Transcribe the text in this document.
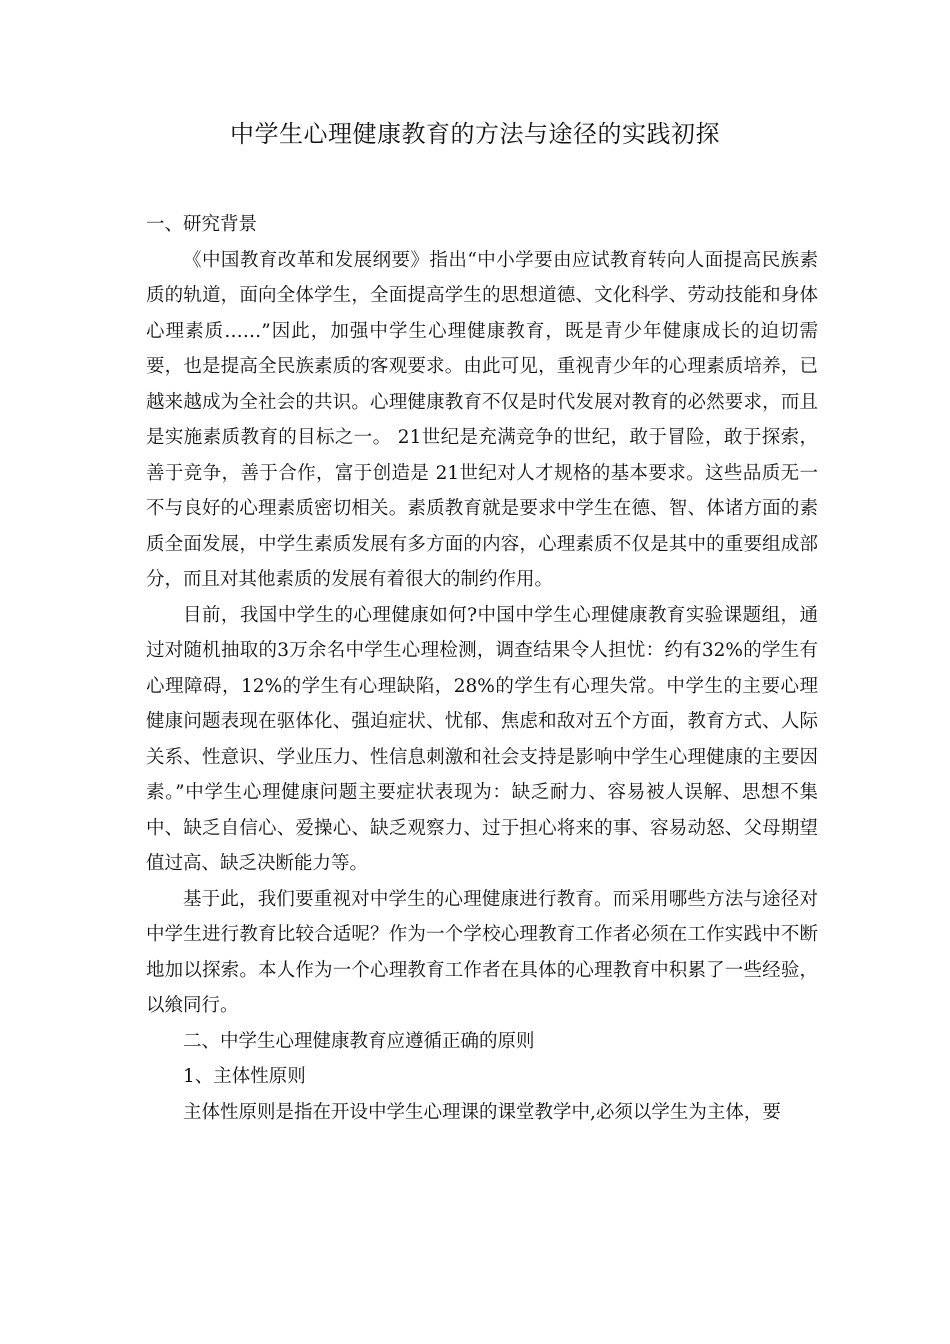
中学生心理健康教育的方法与途径的实践初探

一、研究背景

《中国教育改革和发展纲要》指出“中小学要由应试教育转向人面提高民族素质的轨道，面向全体学生，全面提高学生的思想道德、文化科学、劳动技能和身体心理素质……”因此，加强中学生心理健康教育，既是青少年健康成长的迫切需要，也是提高全民族素质的客观要求。由此可见，重视青少年的心理素质培养，已越来越成为全社会的共识。心理健康教育不仅是时代发展对教育的必然要求，而且是实施素质教育的目标之一。 21世纪是充满竞争的世纪，敢于冒险，敢于探索，善于竞争，善于合作，富于创造是 21世纪对人才规格的基本要求。这些品质无一 不与良好的心理素质密切相关。素质教育就是要求中学生在德、智、体诸方面的素质全面发展，中学生素质发展有多方面的内容，心理素质不仅是其中的重要组成部分，而且对其他素质的发展有着很大的制约作用。

目前，我国中学生的心理健康如何?中国中学生心理健康教育实验课题组，通过对随机抽取的3万余名中学生心理检测，调查结果令人担忧：约有32%的学生有心理障碍，12%的学生有心理缺陷，28%的学生有心理失常。中学生的主要心理健康问题表现在驱体化、强迫症状、忧郁、焦虑和敌对五个方面，教育方式、人际关系、性意识、学业压力、性信息刺激和社会支持是影响中学生心理健康的主要因素。”中学生心理健康问题主要症状表现为：缺乏耐力、容易被人误解、思想不集中、缺乏自信心、爱操心、缺乏观察力、过于担心将来的事、容易动怒、父母期望值过高、缺乏决断能力等。

基于此，我们要重视对中学生的心理健康进行教育。而采用哪些方法与途径对中学生进行教育比较合适呢？作为一个学校心理教育工作者必须在工作实践中不断地加以探索。本人作为一个心理教育工作者在具体的心理教育中积累了一些经验，以飨同行。

二、中学生心理健康教育应遵循正确的原则

1、主体性原则

主体性原则是指在开设中学生心理课的课堂教学中,必须以学生为主体，要
